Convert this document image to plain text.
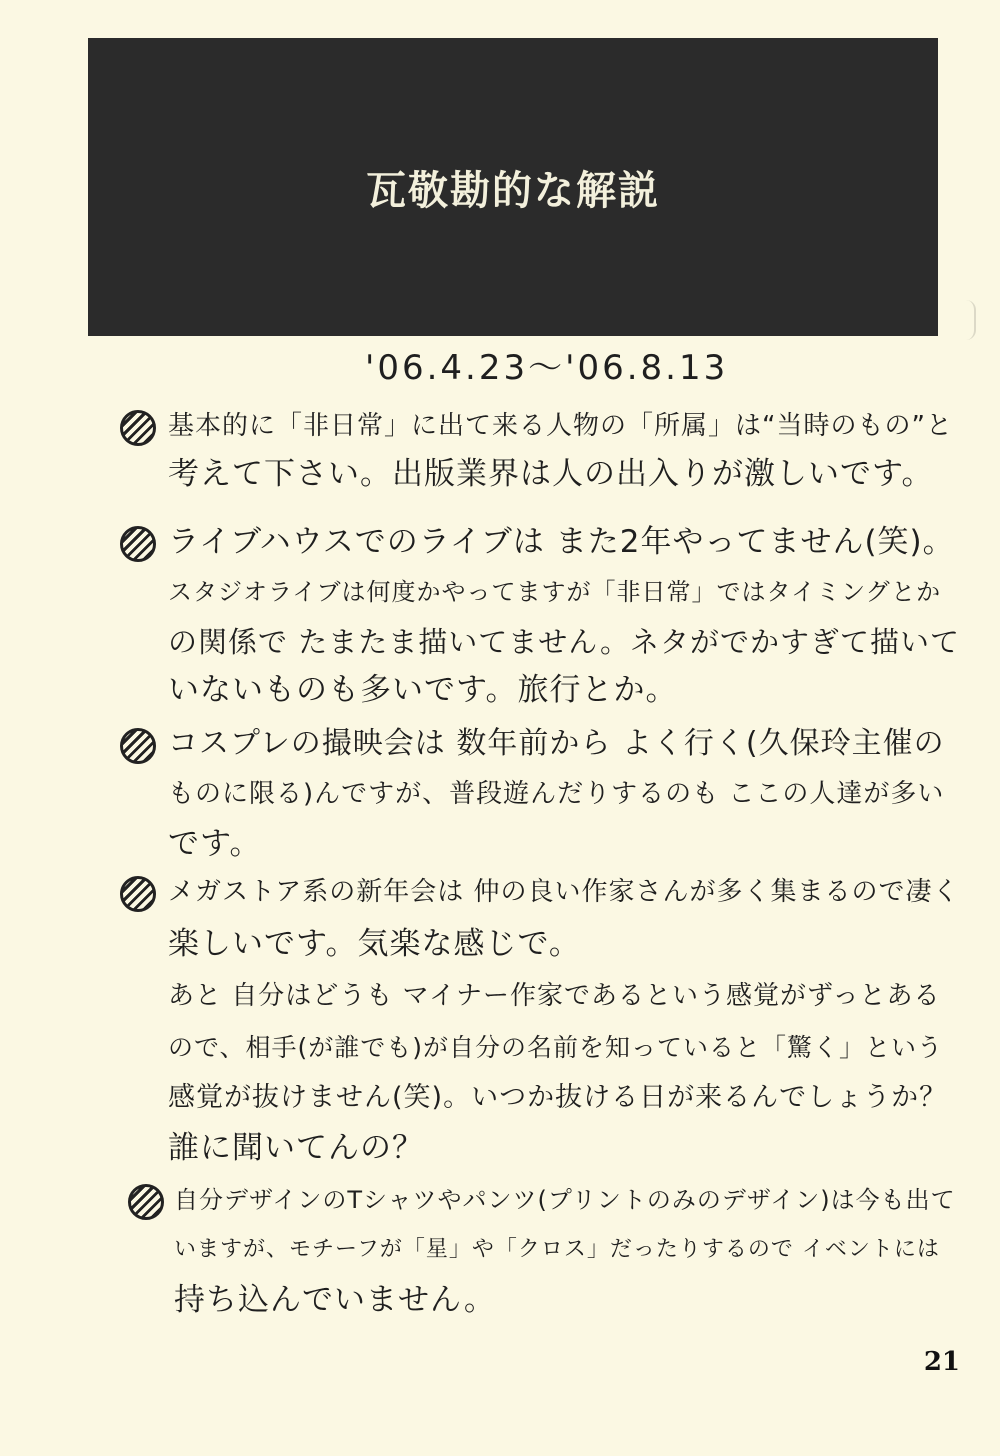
瓦敬勘的な解説
'06.4.23～'06.8.13
基本的に「非日常」に出て来る人物の「所属」は“当時のもの”と
考えて下さい。出版業界は人の出入りが激しいです。
ライブハウスでのライブは また2年やってません(笑)。
スタジオライブは何度かやってますが「非日常」ではタイミングとか
の関係で たまたま描いてません。ネタがでかすぎて描いて
いないものも多いです。旅行とか。
コスプレの撮映会は 数年前から よく行く(久保玲主催の
ものに限る)んですが、普段遊んだりするのも ここの人達が多い
です。
メガストア系の新年会は 仲の良い作家さんが多く集まるので凄く
楽しいです。気楽な感じで。
あと 自分はどうも マイナー作家であるという感覚がずっとある
ので、相手(が誰でも)が自分の名前を知っていると「驚く」という
感覚が抜けません(笑)。いつか抜ける日が来るんでしょうか？
誰に聞いてんの？
自分デザインのTシャツやパンツ(プリントのみのデザイン)は今も出て
いますが、モチーフが「星」や「クロス」だったりするので イベントには
持ち込んでいません。
21
